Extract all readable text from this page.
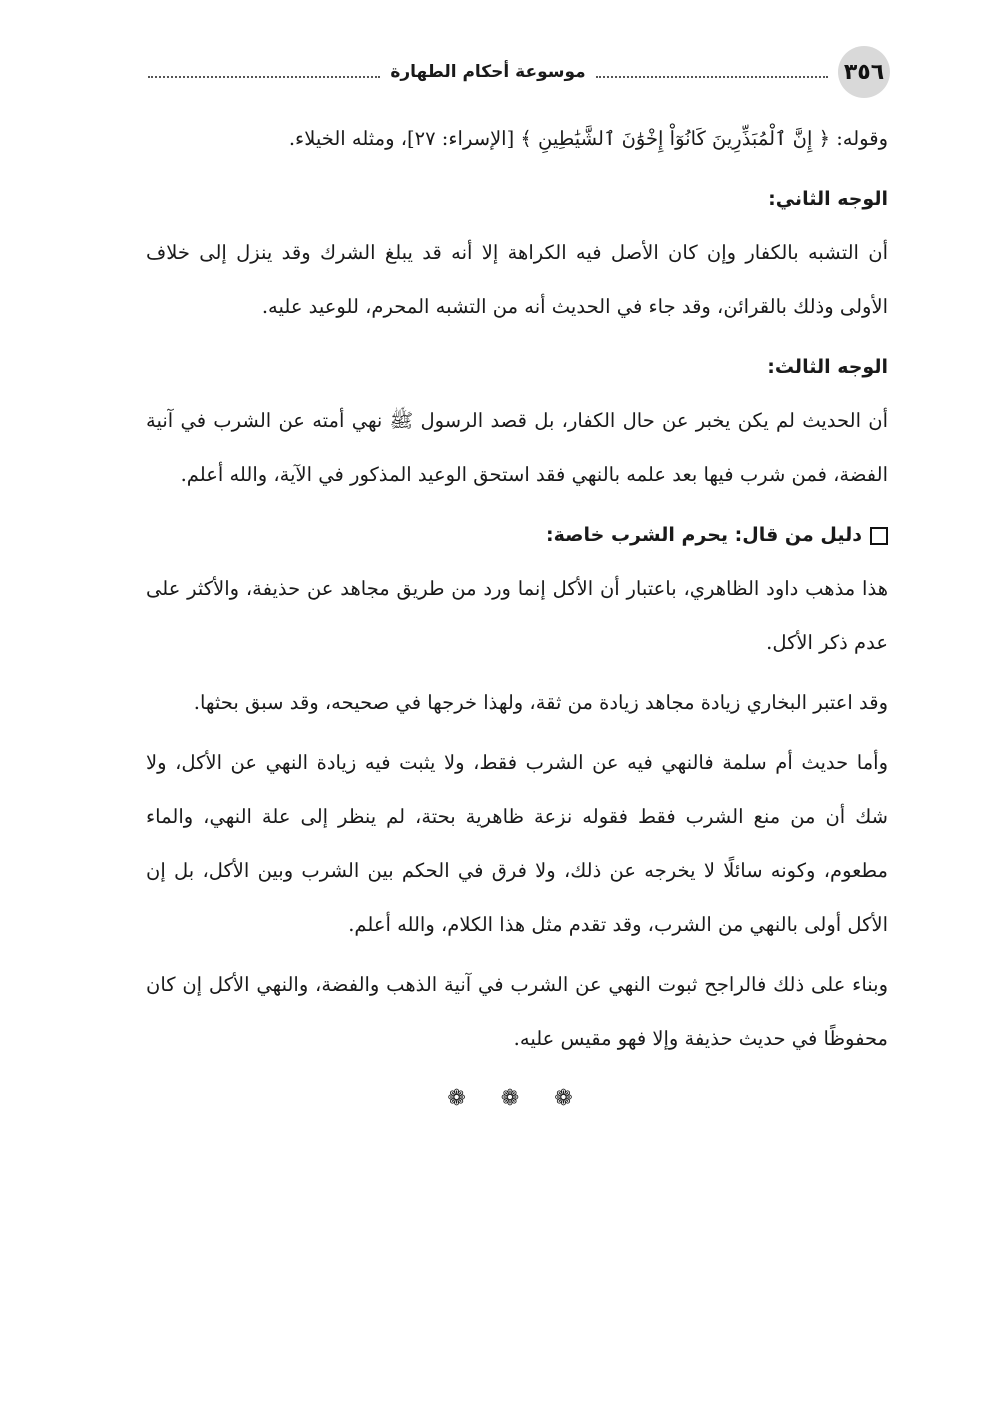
٣٥٦
موسوعة أحكام الطهارة

وقوله: ﴿ إِنَّ ٱلْمُبَذِّرِينَ كَانُوٓاْ إِخْوَٰنَ ٱلشَّيَٰطِينِ ﴾ [الإسراء: ٢٧]، ومثله الخيلاء.

الوجه الثاني:

أن التشبه بالكفار وإن كان الأصل فيه الكراهة إلا أنه قد يبلغ الشرك وقد ينزل إلى خلاف الأولى وذلك بالقرائن، وقد جاء في الحديث أنه من التشبه المحرم، للوعيد عليه.

الوجه الثالث:

أن الحديث لم يكن يخبر عن حال الكفار، بل قصد الرسول ﷺ نهي أمته عن الشرب في آنية الفضة، فمن شرب فيها بعد علمه بالنهي فقد استحق الوعيد المذكور في الآية، والله أعلم.

دليل من قال: يحرم الشرب خاصة:

هذا مذهب داود الظاهري، باعتبار أن الأكل إنما ورد من طريق مجاهد عن حذيفة، والأكثر على عدم ذكر الأكل.

وقد اعتبر البخاري زيادة مجاهد زيادة من ثقة، ولهذا خرجها في صحيحه، وقد سبق بحثها.

وأما حديث أم سلمة فالنهي فيه عن الشرب فقط، ولا يثبت فيه زيادة النهي عن الأكل، ولا شك أن من منع الشرب فقط فقوله نزعة ظاهرية بحتة، لم ينظر إلى علة النهي، والماء مطعوم، وكونه سائلًا لا يخرجه عن ذلك، ولا فرق في الحكم بين الشرب وبين الأكل، بل إن الأكل أولى بالنهي من الشرب، وقد تقدم مثل هذا الكلام، والله أعلم.

وبناء على ذلك فالراجح ثبوت النهي عن الشرب في آنية الذهب والفضة، والنهي الأكل إن كان محفوظًا في حديث حذيفة وإلا فهو مقيس عليه.

❁ ❁ ❁
